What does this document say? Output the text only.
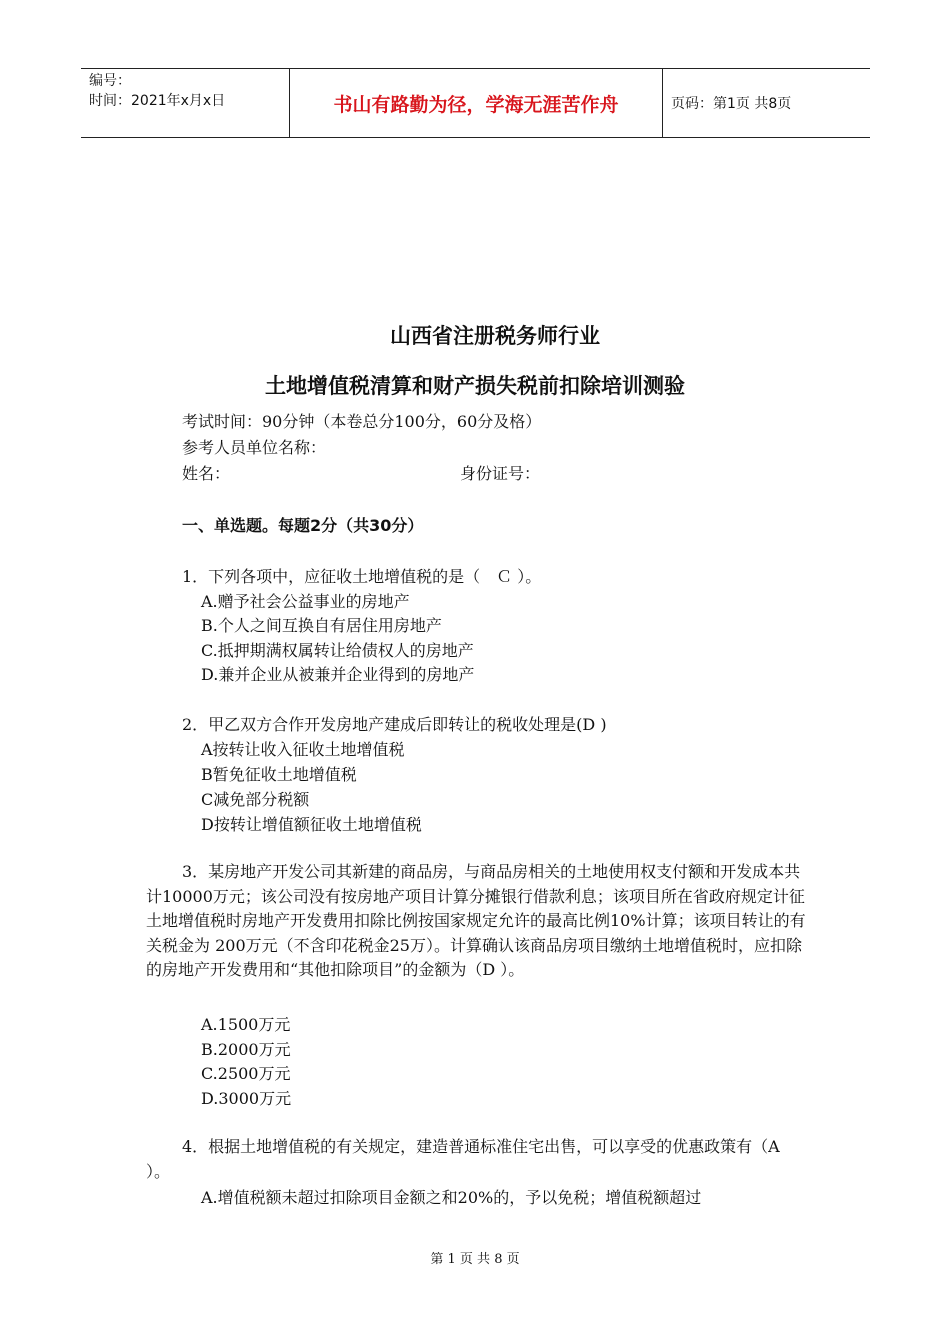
编号：
时间：2021年x月x日	书山有路勤为径，学海无涯苦作舟	页码：第1页 共8页
山西省注册税务师行业
土地增值税清算和财产损失税前扣除培训测验
考试时间：90分钟（本卷总分100分，60分及格）
参考人员单位名称：
姓名：	身份证号：
一、单选题。每题2分（共30分）
1．下列各项中，应征收土地增值税的是（　Ｃ ）。
A.赠予社会公益事业的房地产
B.个人之间互换自有居住用房地产
C.抵押期满权属转让给债权人的房地产
D.兼并企业从被兼并企业得到的房地产
2．甲乙双方合作开发房地产建成后即转让的税收处理是(D )
A按转让收入征收土地增值税
B暂免征收土地增值税
C减免部分税额
D按转让增值额征收土地增值税
3．某房地产开发公司其新建的商品房，与商品房相关的土地使用权支付额和开发成本共计10000万元；该公司没有按房地产项目计算分摊银行借款利息；该项目所在省政府规定计征土地增值税时房地产开发费用扣除比例按国家规定允许的最高比例10%计算；该项目转让的有关税金为 200万元（不含印花税金25万）。计算确认该商品房项目缴纳土地增值税时，应扣除的房地产开发费用和“其他扣除项目”的金额为（D ）。
A.1500万元
B.2000万元
C.2500万元
D.3000万元
4．根据土地增值税的有关规定，建造普通标准住宅出售，可以享受的优惠政策有（A ）。
A.增值税额未超过扣除项目金额之和20%的，予以免税；增值税额超过
第 1 页 共 8 页
